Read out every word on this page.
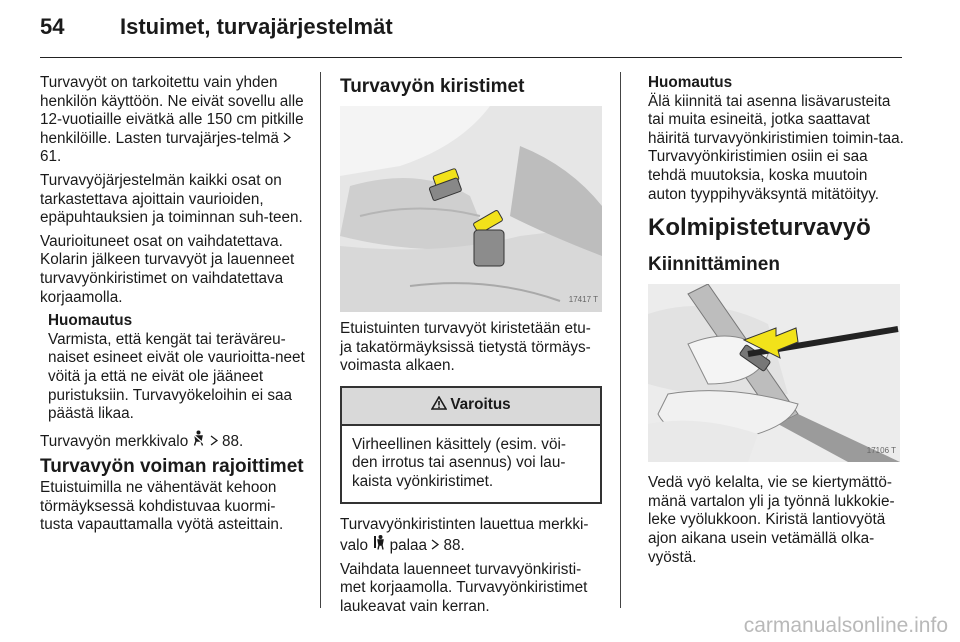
54	Istuimet, turvajärjestelmät

Turvavyöt on tarkoitettu vain yhden henkilön käyttöön. Ne eivät sovellu alle 12-vuotiaille eivätkä alle 150 cm pitkille henkilöille. Lasten turvajärjes-telmä  61.

Turvavyöjärjestelmän kaikki osat on tarkastettava ajoittain vaurioiden, epäpuhtauksien ja toiminnan suh-teen.

Vaurioituneet osat on vaihdatettava. Kolarin jälkeen turvavyöt ja lauenneet turvavyönkiristimet on vaihdatettava korjaamolla.

Huomautus
Varmista, että kengät tai teräväreu-naiset esineet eivät ole vaurioitta-neet vöitä ja että ne eivät ole jääneet puristuksiin. Turvavyökeloihin ei saa päästä likaa.

Turvavyön merkkivalo 88.

Turvavyön voiman rajoittimet

Etuistuimilla ne vähentävät kehoon törmäyksessä kohdistuvaa kuormi-tusta vapauttamalla vyötä asteittain.

Turvavyön kiristimet
17417 T

Etuistuinten turvavyöt kiristetään etu-ja takatörmäyksissä tietystä törmäys-voimasta alkaen.

Varoitus
Virheellinen käsittely (esim. vöi-den irrotus tai asennus) voi lau-kaista vyönkiristimet.

Turvavyönkiristinten lauettua merkki-valo palaa 88.

Vaihdata lauenneet turvavyönkiristi-met korjaamolla. Turvavyönkiristimet laukeavat vain kerran.

Huomautus
Älä kiinnitä tai asenna lisävarusteita tai muita esineitä, jotka saattavat häiritä turvavyönkiristimien toimin-taa. Turvavyönkiristimien osiin ei saa tehdä muutoksia, koska muutoin auton tyyppihyväksyntä mitätöityy.
Kolmipisteturvavyö
Kiinnittäminen
17106 T

Vedä vyö kelalta, vie se kiertymättö-mänä vartalon yli ja työnnä lukkokie-leke vyölukkoon. Kiristä lantiovyötä ajon aikana usein vetämällä olka-vyöstä.

carmanualsonline.info
